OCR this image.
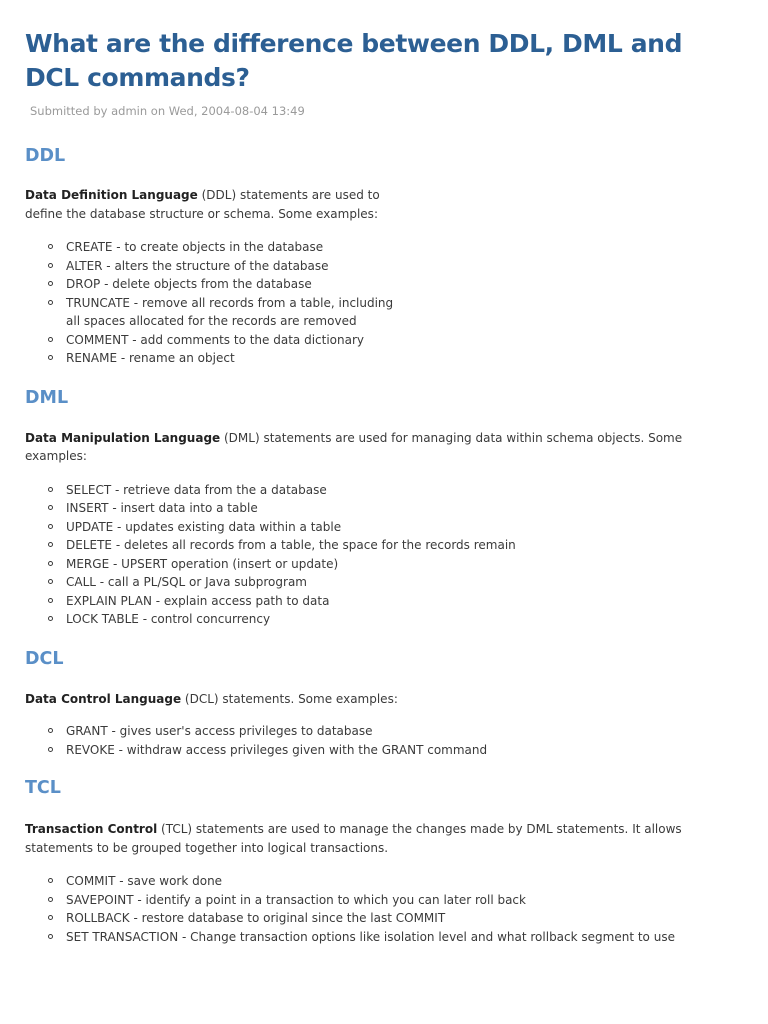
What are the difference between DDL, DML and DCL commands?
Submitted by admin on Wed, 2004-08-04 13:49
DDL

Data Definition Language (DDL) statements are used to define the database structure or schema. Some examples:

CREATE - to create objects in the database
ALTER - alters the structure of the database
DROP - delete objects from the database
TRUNCATE - remove all records from a table, including all spaces allocated for the records are removed
COMMENT - add comments to the data dictionary
RENAME - rename an object
DML

Data Manipulation Language (DML) statements are used for managing data within schema objects. Some examples:

SELECT - retrieve data from the a database
INSERT - insert data into a table
UPDATE - updates existing data within a table
DELETE - deletes all records from a table, the space for the records remain
MERGE - UPSERT operation (insert or update)
CALL - call a PL/SQL or Java subprogram
EXPLAIN PLAN - explain access path to data
LOCK TABLE - control concurrency
DCL

Data Control Language (DCL) statements. Some examples:

GRANT - gives user's access privileges to database
REVOKE - withdraw access privileges given with the GRANT command
TCL

Transaction Control (TCL) statements are used to manage the changes made by DML statements. It allows statements to be grouped together into logical transactions.

COMMIT - save work done
SAVEPOINT - identify a point in a transaction to which you can later roll back
ROLLBACK - restore database to original since the last COMMIT
SET TRANSACTION - Change transaction options like isolation level and what rollback segment to use
